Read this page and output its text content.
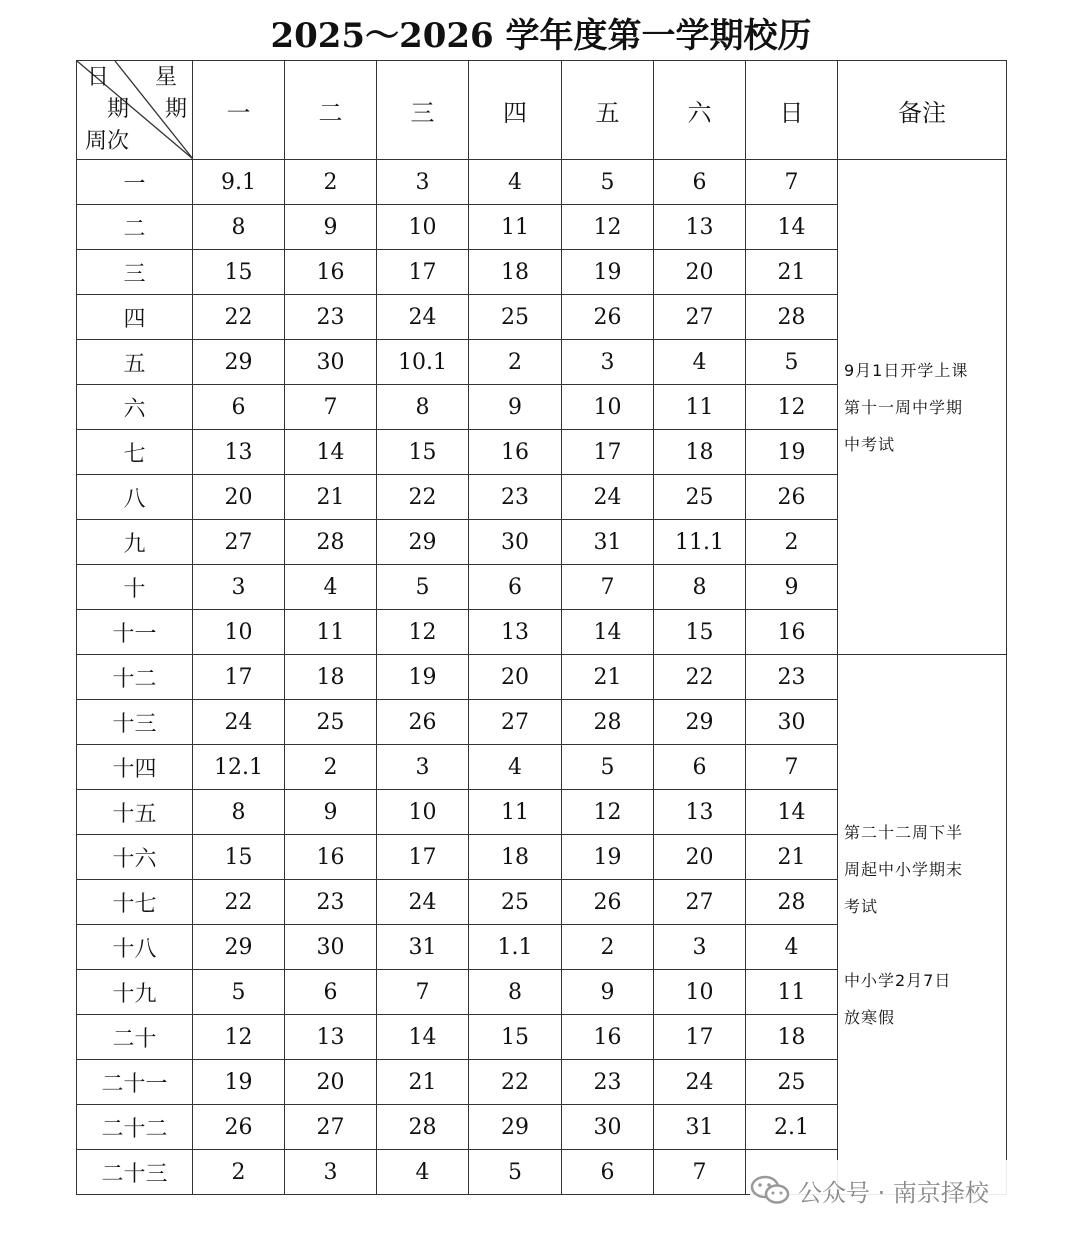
2025～2026 学年度第一学期校历
日 星
期 期
周次	一	二	三	四	五	六	日	备注
一	9.1	2	3	4	5	6	7	9月1日开学上课
第十一周中学期
中考试

二	8	9	10	11	12	13	14	
三	15	16	17	18	19	20	21	
四	22	23	24	25	26	27	28	
五	29	30	10.1	2	3	4	5	
六	6	7	8	9	10	11	12	
七	13	14	15	16	17	18	19	
八	20	21	22	23	24	25	26	
九	27	28	29	30	31	11.1	2	
十	3	4	5	6	7	8	9	
十一	10	11	12	13	14	15	16	
十二	17	18	19	20	21	22	23	第二十二周下半
周起中小学期末
考试
中小学2月7日
放寒假

十三	24	25	26	27	28	29	30	
十四	12.1	2	3	4	5	6	7	
十五	8	9	10	11	12	13	14	
十六	15	16	17	18	19	20	21	
十七	22	23	24	25	26	27	28	
十八	29	30	31	1.1	2	3	4	
十九	5	6	7	8	9	10	11	
二十	12	13	14	15	16	17	18	
二十一	19	20	21	22	23	24	25	
二十二	26	27	28	29	30	31	2.1	
二十三	2	3	4	5	6	7		
公众号 · 南京择校
